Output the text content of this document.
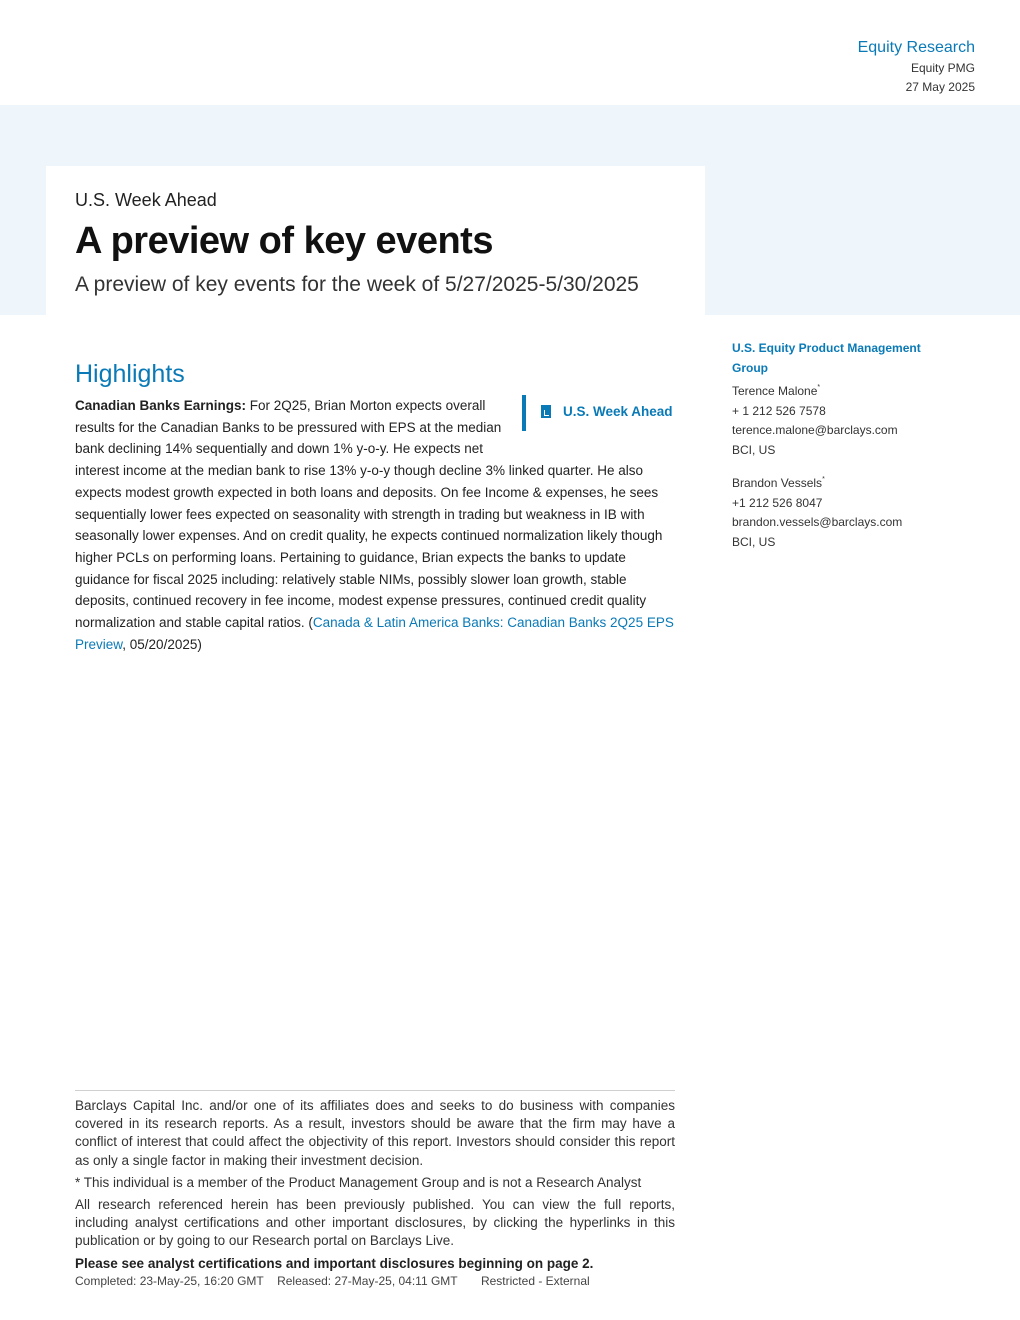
Equity Research
Equity PMG
27 May 2025
U.S. Week Ahead
A preview of key events
A preview of key events for the week of 5/27/2025-5/30/2025
Highlights
U.S. Week Ahead
Canadian Banks Earnings: For 2Q25, Brian Morton expects overall results for the Canadian Banks to be pressured with EPS at the median bank declining 14% sequentially and down 1% y-o-y. He expects net interest income at the median bank to rise 13% y-o-y though decline 3% linked quarter. He also expects modest growth expected in both loans and deposits. On fee Income & expenses, he sees sequentially lower fees expected on seasonality with strength in trading but weakness in IB with seasonally lower expenses. And on credit quality, he expects continued normalization likely though higher PCLs on performing loans. Pertaining to guidance, Brian expects the banks to update guidance for fiscal 2025 including: relatively stable NIMs, possibly slower loan growth, stable deposits, continued recovery in fee income, modest expense pressures, continued credit quality normalization and stable capital ratios. (Canada & Latin America Banks: Canadian Banks 2Q25 EPS Preview, 05/20/2025)
U.S. Equity Product Management Group
Terence Malone*
+ 1 212 526 7578
terence.malone@barclays.com
BCI, US
Brandon Vessels*
+1 212 526 8047
brandon.vessels@barclays.com
BCI, US

Barclays Capital Inc. and/or one of its affiliates does and seeks to do business with companies covered in its research reports. As a result, investors should be aware that the firm may have a conflict of interest that could affect the objectivity of this report. Investors should consider this report as only a single factor in making their investment decision.

* This individual is a member of the Product Management Group and is not a Research Analyst

All research referenced herein has been previously published. You can view the full reports, including analyst certifications and other important disclosures, by clicking the hyperlinks in this publication or by going to our Research portal on Barclays Live.

Please see analyst certifications and important disclosures beginning on page 2.

Completed: 23-May-25, 16:20 GMT Released: 27-May-25, 04:11 GMT Restricted - External
